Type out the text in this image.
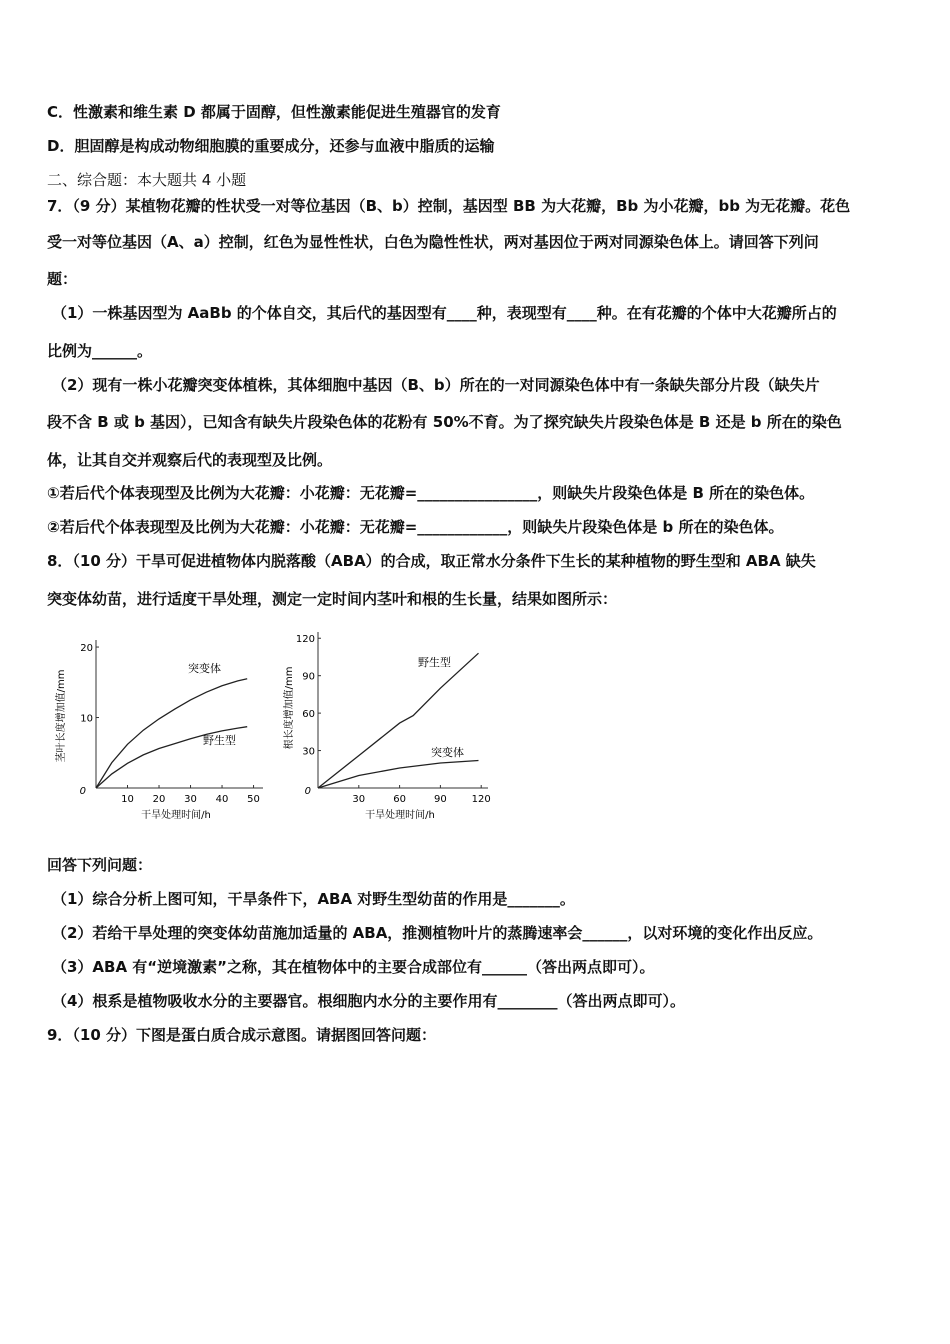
C．性激素和维生素 D 都属于固醇，但性激素能促进生殖器官的发育
D．胆固醇是构成动物细胞膜的重要成分，还参与血液中脂质的运输
二、综合题：本大题共 4 小题
7．（9 分）某植物花瓣的性状受一对等位基因（B、b）控制，基因型 BB 为大花瓣，Bb 为小花瓣，bb 为无花瓣。花色
受一对等位基因（A、a）控制，红色为显性性状，白色为隐性性状，两对基因位于两对同源染色体上。请回答下列问
题：
（1）一株基因型为 AaBb 的个体自交，其后代的基因型有____种，表现型有____种。在有花瓣的个体中大花瓣所占的
比例为______。
（2）现有一株小花瓣突变体植株，其体细胞中基因（B、b）所在的一对同源染色体中有一条缺失部分片段（缺失片
段不含 B 或 b 基因），已知含有缺失片段染色体的花粉有 50%不育。为了探究缺失片段染色体是 B 还是 b 所在的染色
体，让其自交并观察后代的表现型及比例。
①若后代个体表现型及比例为大花瓣：小花瓣：无花瓣=________________，则缺失片段染色体是 B 所在的染色体。
②若后代个体表现型及比例为大花瓣：小花瓣：无花瓣=____________，则缺失片段染色体是 b 所在的染色体。
8．（10 分）干旱可促进植物体内脱落酸（ABA）的合成，取正常水分条件下生长的某种植物的野生型和 ABA 缺失
突变体幼苗，进行适度干旱处理，测定一定时间内茎叶和根的生长量，结果如图所示：
0
茎叶长度增加值/mm
干旱处理时间/h
10 20 30 40 50
10
20
突变体
野生型
0
根长度增加值/mm
干旱处理时间/h
30	60	90 120
30
60
90
120
野生型
突变体
回答下列问题：
（1）综合分析上图可知，干旱条件下，ABA 对野生型幼苗的作用是_______。
（2）若给干旱处理的突变体幼苗施加适量的 ABA，推测植物叶片的蒸腾速率会______，以对环境的变化作出反应。
（3）ABA 有“逆境激素”之称，其在植物体中的主要合成部位有______（答出两点即可）。
（4）根系是植物吸收水分的主要器官。根细胞内水分的主要作用有________（答出两点即可）。
9．（10 分）下图是蛋白质合成示意图。请据图回答问题：
